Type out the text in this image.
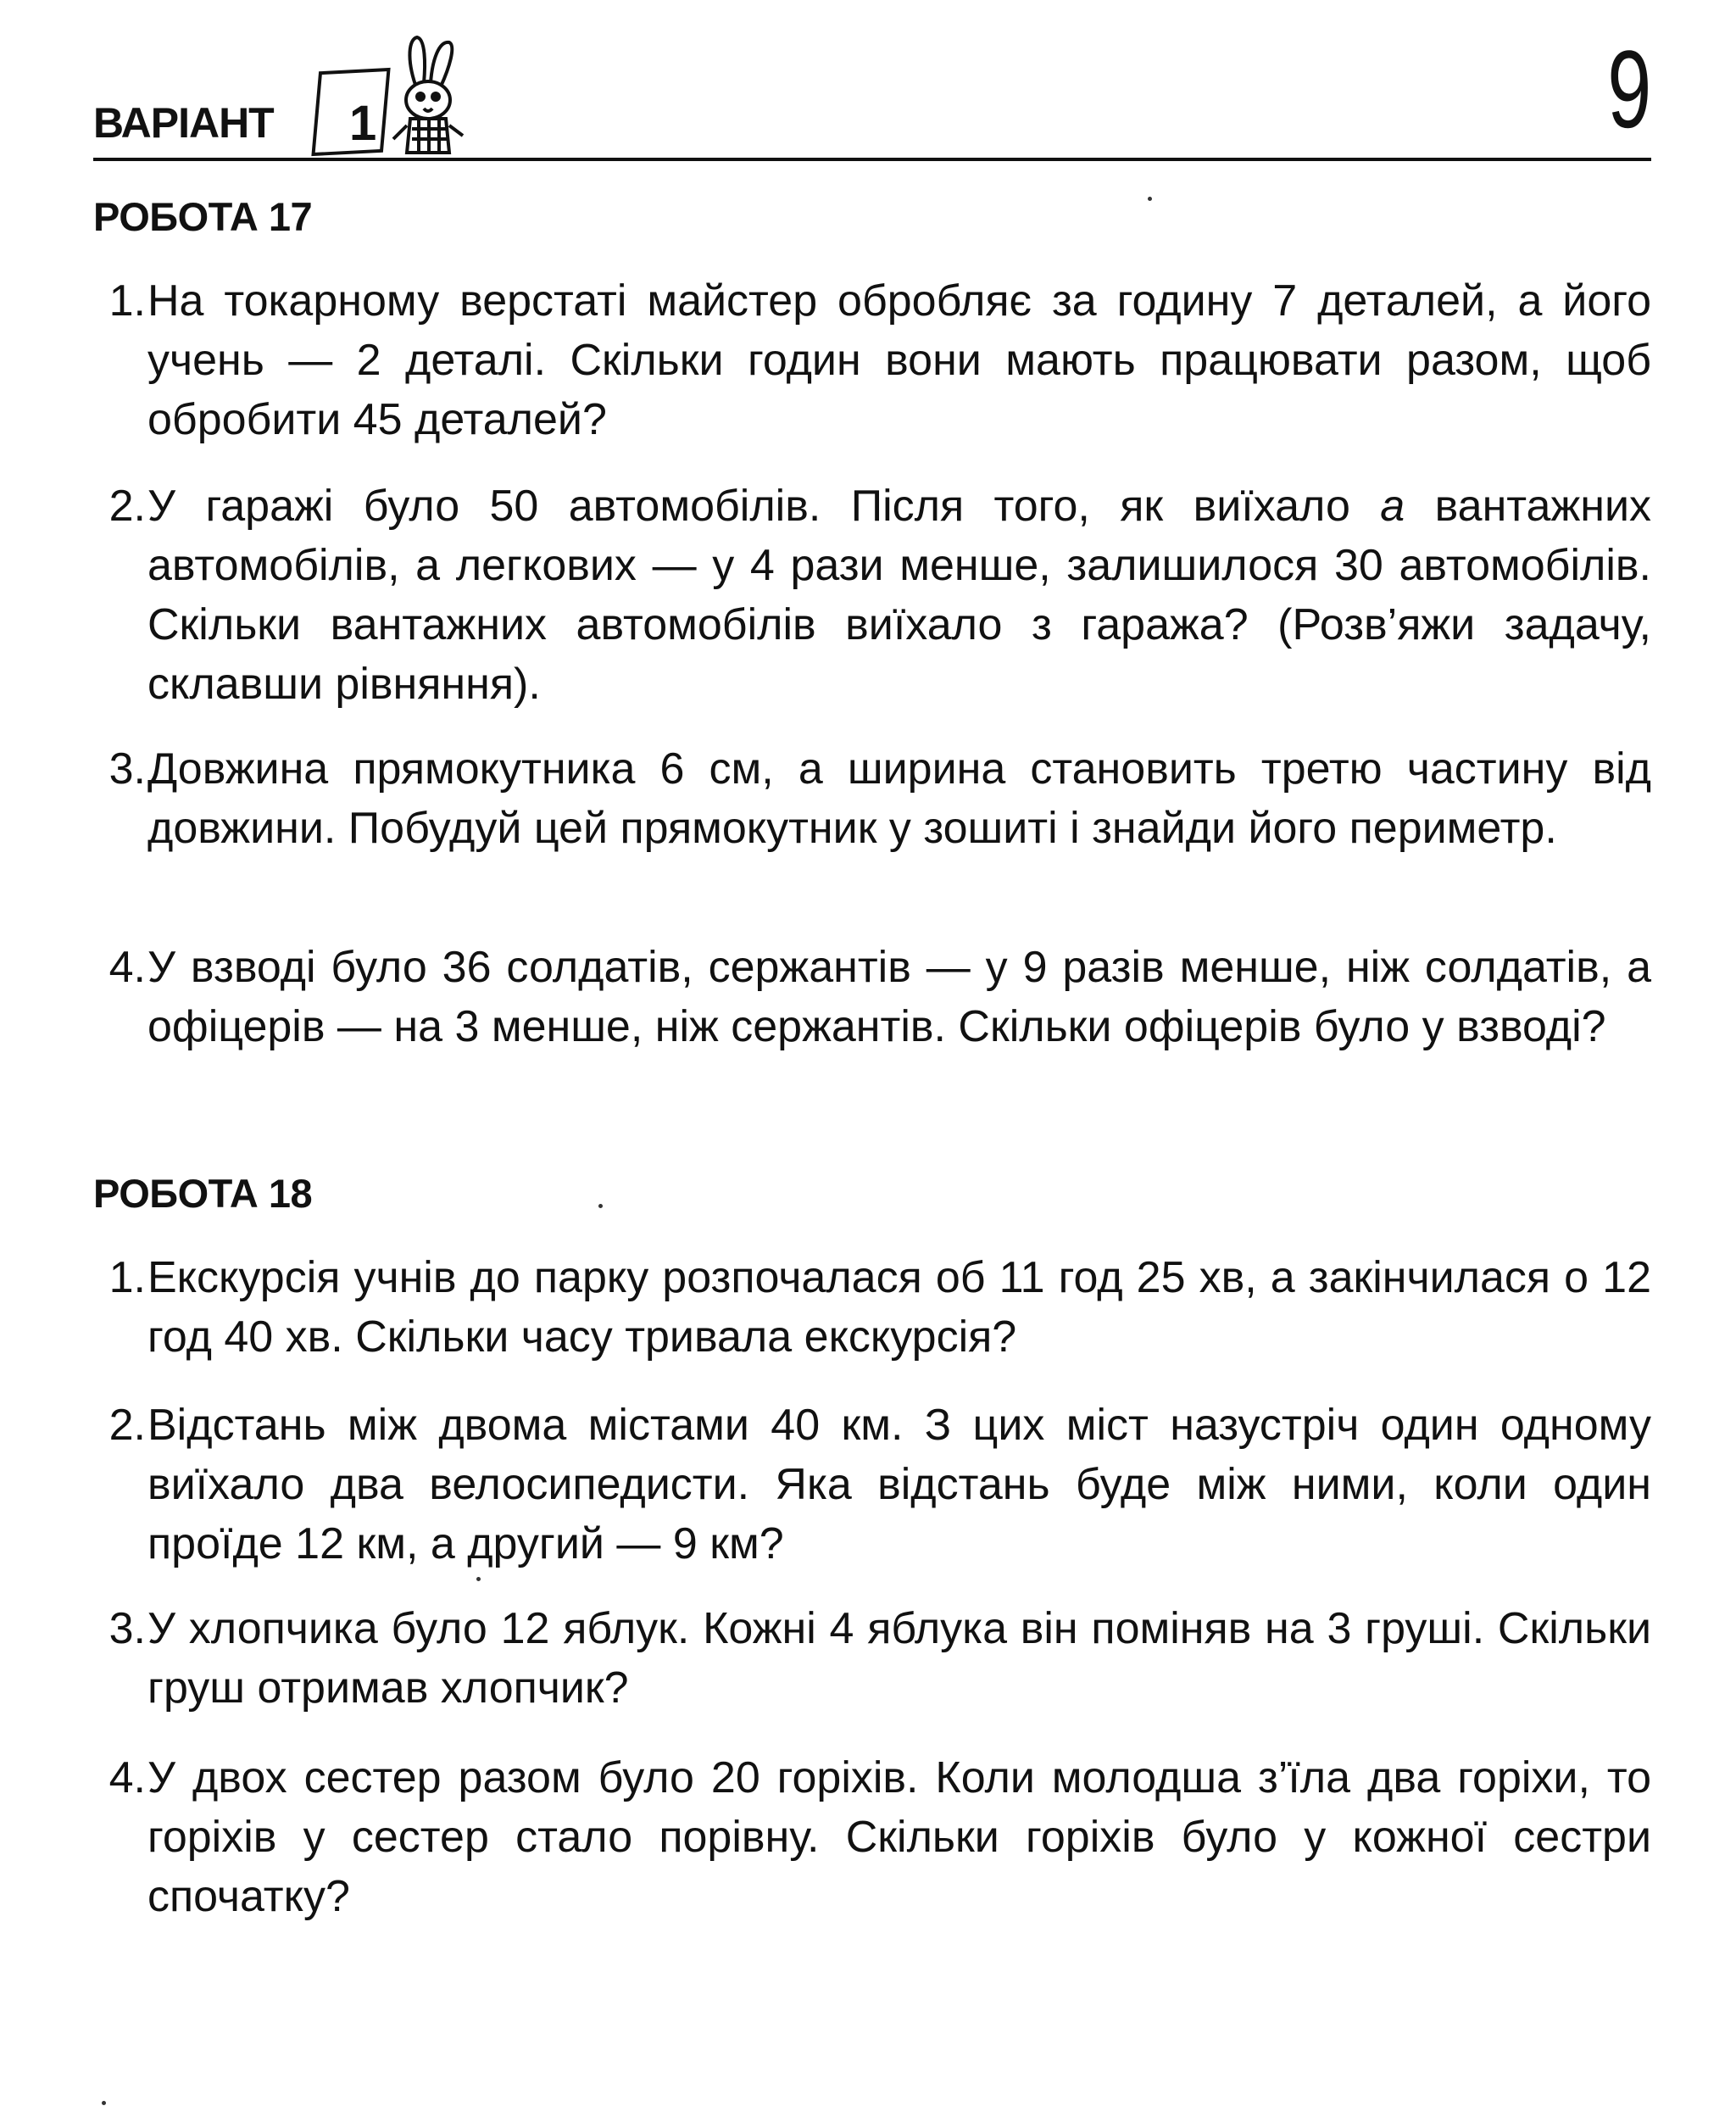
ВАРІАНТ 1	9
РОБОТА 17
1. На токарному верстаті майстер обробляє за годину 7 деталей, а його учень — 2 деталі. Скільки годин вони мають працювати разом, щоб обробити 45 деталей?
2. У гаражі було 50 автомобілів. Після того, як виїхало а вантажних автомобілів, а легкових — у 4 рази менше, залишилося 30 автомобілів. Скільки вантажних автомобілів виїхало з гаража? (Розв’яжи задачу, склавши рівняння).
3. Довжина прямокутника 6 см, а ширина становить третю частину від довжини. Побудуй цей прямокутник у зошиті і знайди його периметр.
4. У взводі було 36 солдатів, сержантів — у 9 разів менше, ніж солдатів, а офіцерів — на 3 менше, ніж сержантів. Скільки офіцерів було у взводі?
РОБОТА 18
1. Екскурсія учнів до парку розпочалася об 11 год 25 хв, а закінчилася о 12 год 40 хв. Скільки часу тривала екскурсія?
2. Відстань між двома містами 40 км. З цих міст назустріч один одному виїхало два велосипедисти. Яка відстань буде між ними, коли один проїде 12 км, а другий — 9 км?
3. У хлопчика було 12 яблук. Кожні 4 яблука він поміняв на 3 груші. Скільки груш отримав хлопчик?
4. У двох сестер разом було 20 горіхів. Коли молодша з’їла два горіхи, то горіхів у сестер стало порівну. Скільки горіхів було у кожної сестри спочатку?
